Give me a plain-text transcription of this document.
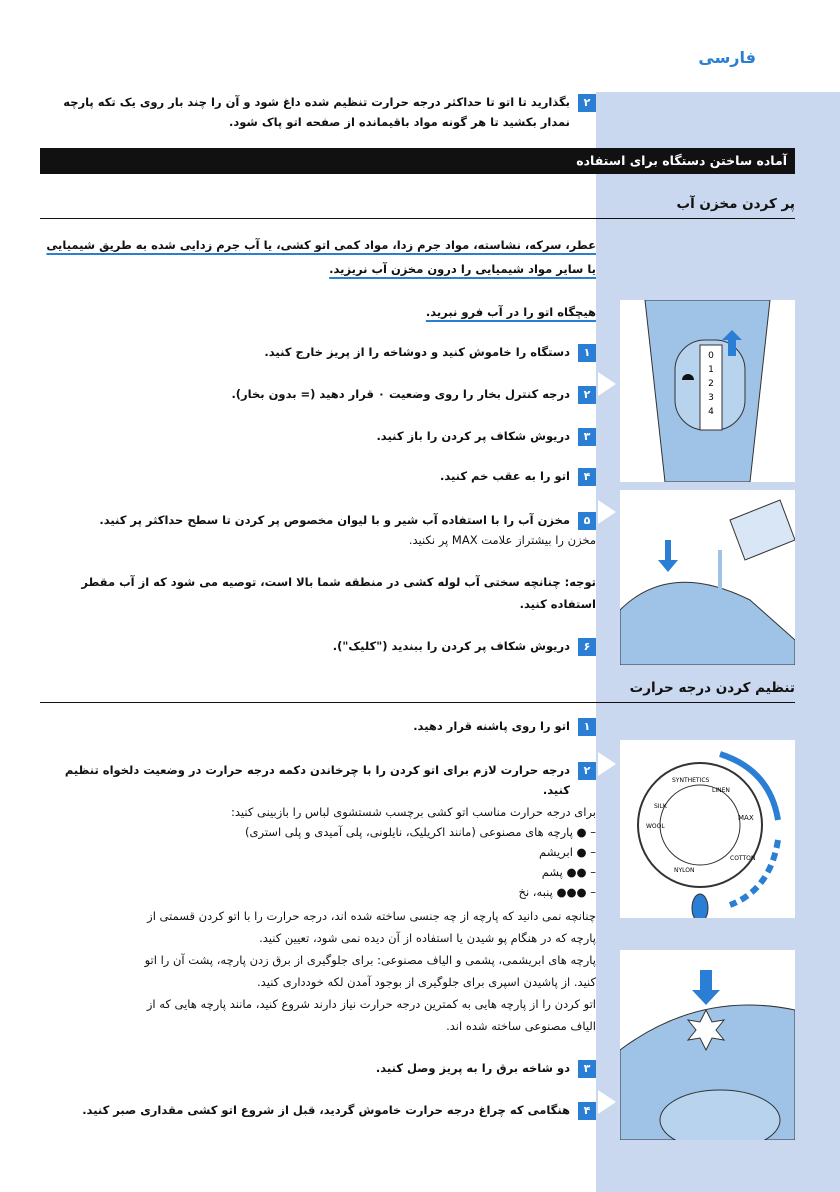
فارسی
۲بگذارید تا اتو تا حداکثر درجه حرارت تنظیم شده داغ شود و آن را چند بار روی یک تکه پارچه
نمدار بکشید تا هر گونه مواد باقیمانده از صفحه اتو پاک شود.
آماده ساختن دستگاه برای استفاده
پر کردن مخزن آب
عطر، سرکه، نشاسته، مواد جرم زدا، مواد کمی اتو کشی، یا آب جرم زدایی شده به طریق شیمیایی
یا سایر مواد شیمیایی را درون مخزن آب نریزید.
هیچگاه اتو را در آب فرو نبرید.
۱دستگاه را خاموش کنید و دوشاخه را از پریز خارج کنید.
۲درجه کنترل بخار را روی وضعیت ۰ قرار دهید (= بدون بخار).
۳دریوش شکاف پر کردن را باز کنید.
۴اتو را به عقب خم کنید.
۵مخزن آب را با استفاده آب شیر و با لیوان مخصوص پر کردن تا سطح حداکثر پر کنید.
مخزن را بیشتراز علامت MAX پر نکنید.
توجه: چنانچه سختی آب لوله کشی در منطقه شما بالا است، توصیه می شود که از آب مقطر
استفاده کنید.
۶دریوش شکاف پر کردن را ببندید ("کلیک").
تنظیم کردن درجه حرارت
۱اتو را روی پاشنه قرار دهید.
۲درجه حرارت لازم برای اتو کردن را با چرخاندن دکمه درجه حرارت در وضعیت دلخواه تنظیم
کنید.
برای درجه حرارت مناسب اتو کشی برچسب شستشوی لباس را بازبینی کنید:
– ● پارچه های مصنوعی (مانند اکریلیک، نایلونی، پلی آمیدی و پلی استری)
– ● ابریشم
– ●● پشم
– ●●● پنبه، نخ
چنانچه نمی دانید که پارچه از چه جنسی ساخته شده اند، درجه حرارت را با اتو کردن قسمتی از
پارچه که در هنگام پو شیدن یا استفاده از آن دیده نمی شود، تعیین کنید.
پارچه های ابریشمی، پشمی و الیاف مصنوعی: برای جلوگیری از برق زدن پارچه، پشت آن را اتو
کنید. از پاشیدن اسپری برای جلوگیری از بوجود آمدن لکه خودداری کنید.
اتو کردن را از پارچه هایی به کمترین درجه حرارت نیاز دارند شروع کنید، مانند پارچه هایی که از
الیاف مصنوعی ساخته شده اند.
۳دو شاخه برق را به پریز وصل کنید.
۴هنگامی که چراغ درجه حرارت خاموش گردید، قبل از شروع اتو کشی مقداری صبر کنید.
0
1
2
3
4
MAX
COTTON
LINEN
SILK
WOOL
SYNTHETICS
NYLON
